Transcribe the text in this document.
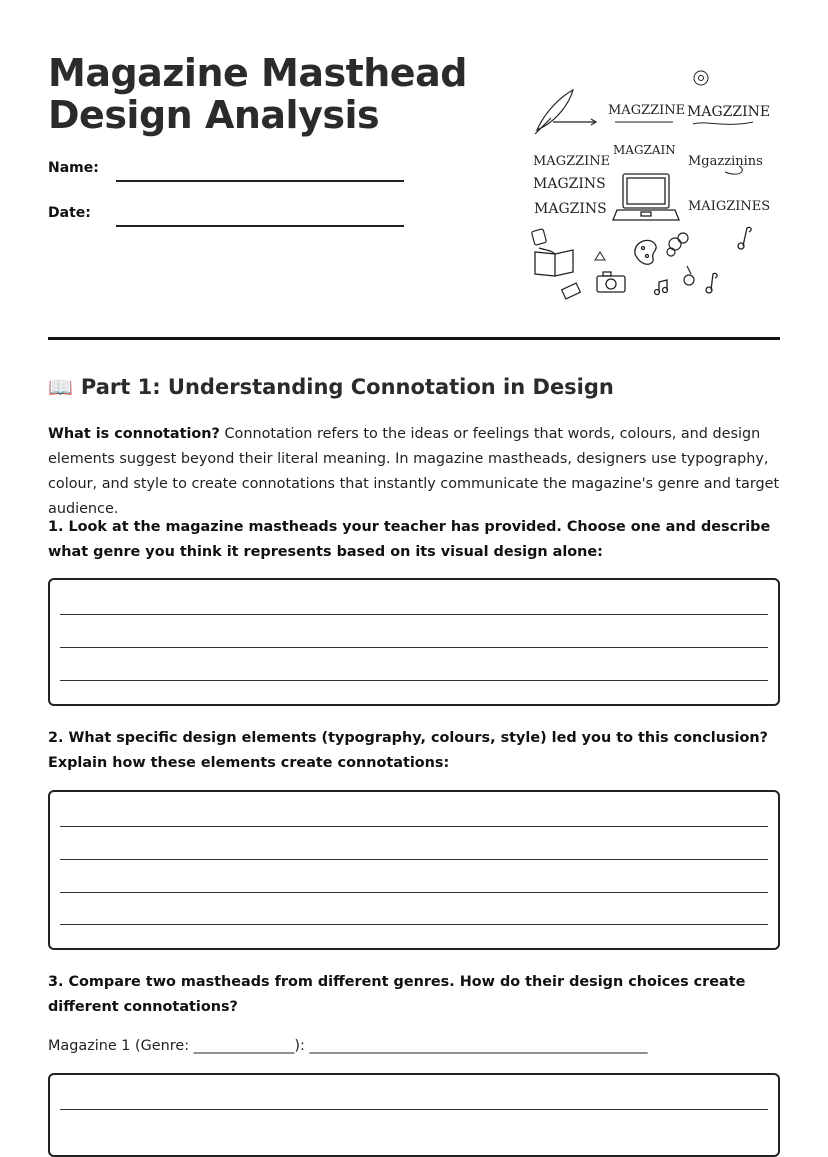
Magazine Masthead
Design Analysis
Name:
Date:
MAGZZINE MAGZZINE
MAGZAIN
MAGZZINE	Mgazzinins
MAGZINS
MAGZINS	MAIGZINES
📖 Part 1: Understanding Connotation in Design
What is connotation? Connotation refers to the ideas or feelings that words, colours, and design elements suggest beyond their literal meaning. In magazine mastheads, designers use typography, colour, and style to create connotations that instantly communicate the magazine's genre and target audience.
1. Look at the magazine mastheads your teacher has provided. Choose one and describe what genre you think it represents based on its visual design alone:
2. What specific design elements (typography, colours, style) led you to this conclusion? Explain how these elements create connotations:
3. Compare two mastheads from different genres. How do their design choices create different connotations?
Magazine 1 (Genre: ______________): _______________________________________________
